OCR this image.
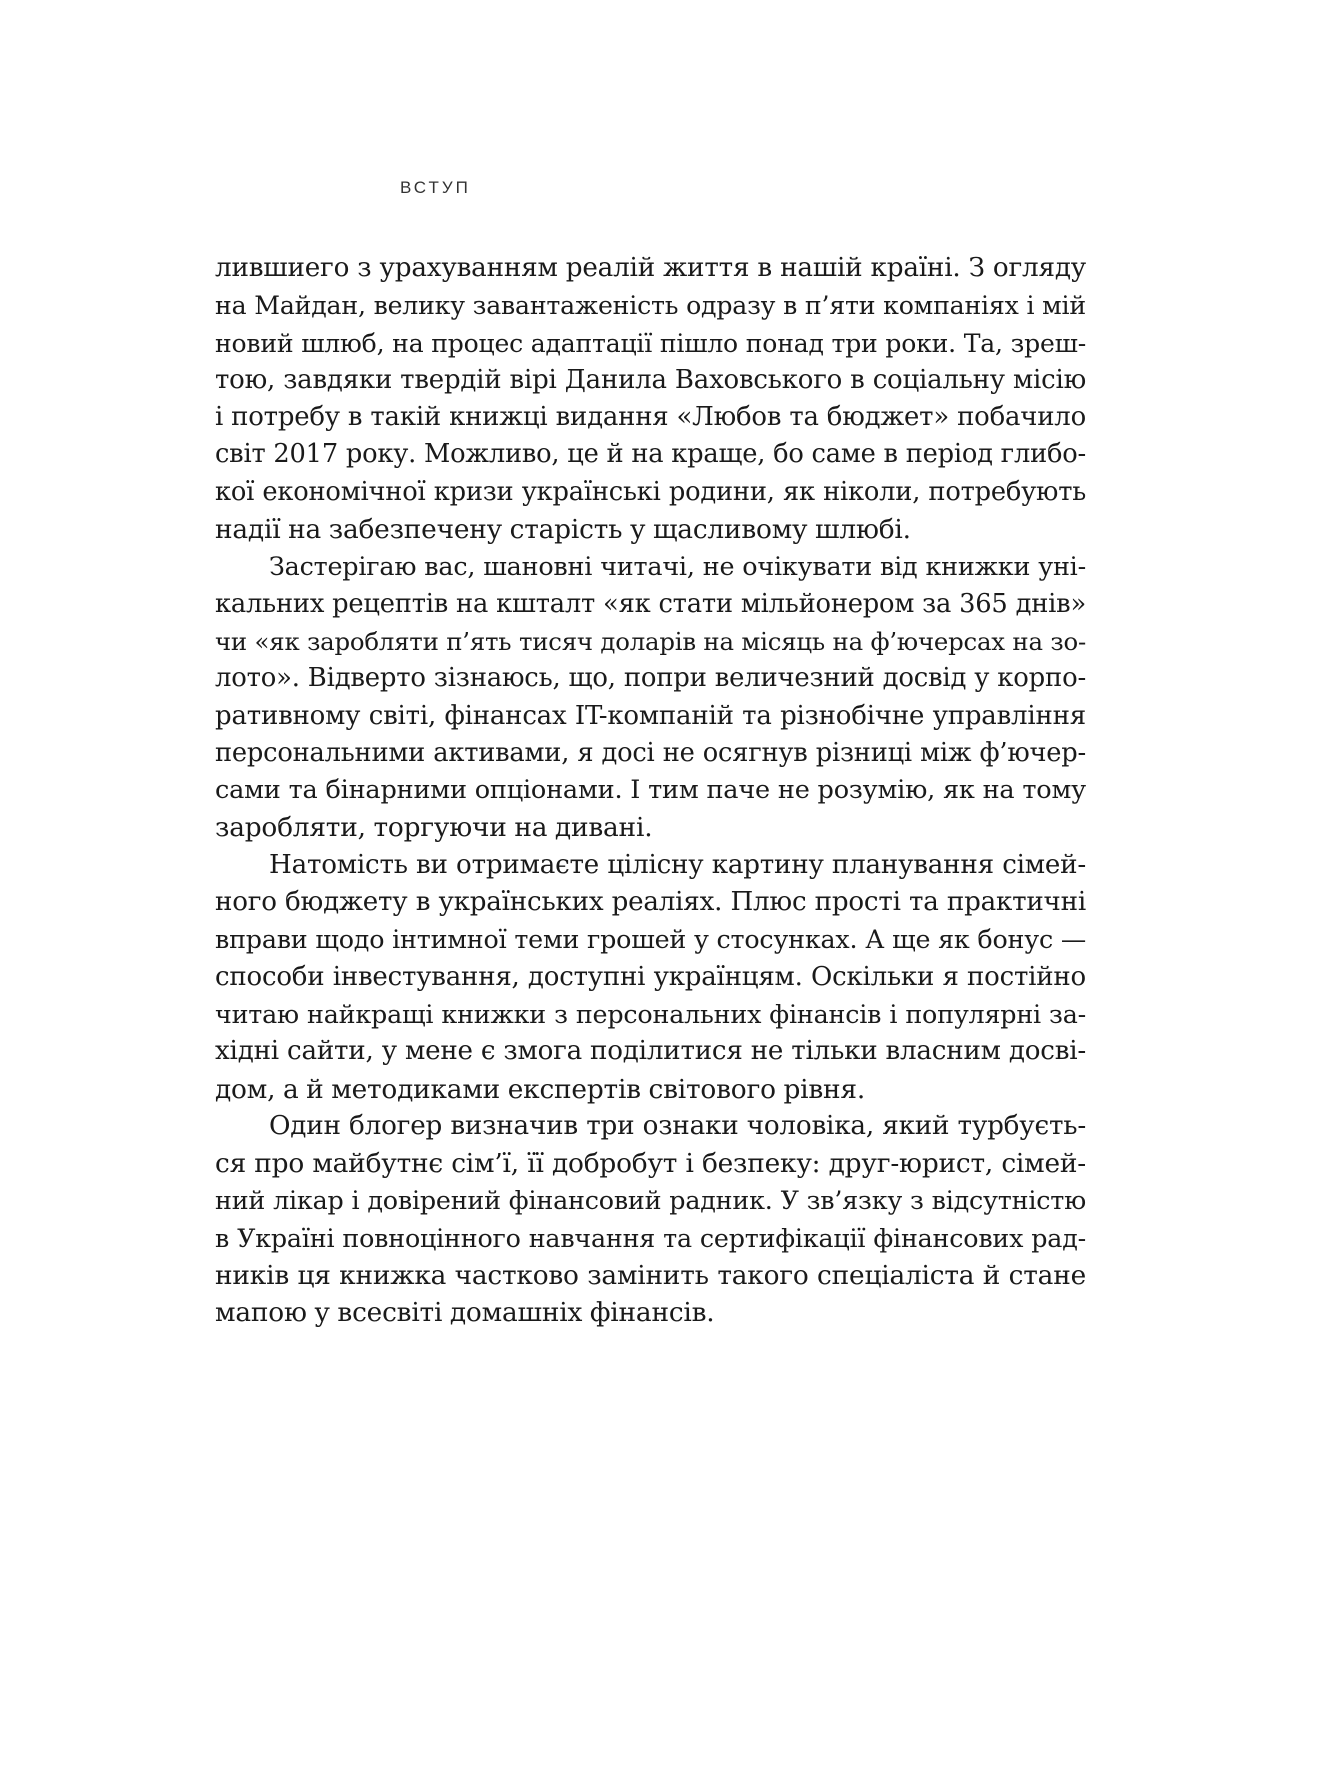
ВСТУП

лившиего з урахуванням реалій життя в нашій країні. З огляду
на Майдан, велику завантаженість одразу в п’яти компаніях і мій
новий шлюб, на процес адаптації пішло понад три роки. Та, зреш-
тою, завдяки твердій вірі Данила Ваховського в соціальну місію
і потребу в такій книжці видання «Любов та бюджет» побачило
світ 2017 року. Можливо, це й на краще, бо саме в період глибо-
кої економічної кризи українські родини, як ніколи, потребують
надії на забезпечену старість у щасливому шлюбі.

Застерігаю вас, шановні читачі, не очікувати від книжки уні-
кальних рецептів на кшталт «як стати мільйонером за 365 днів»
чи «як заробляти п’ять тисяч доларів на місяць на ф’ючерсах на зо-
лото». Відверто зізнаюсь, що, попри величезний досвід у корпо-
ративному світі, фінансах IT-компаній та різнобічне управління
персональними активами, я досі не осягнув різниці між ф’ючер-
сами та бінарними опціонами. І тим паче не розумію, як на тому
заробляти, торгуючи на дивані.

Натомість ви отримаєте цілісну картину планування сімей-
ного бюджету в українських реаліях. Плюс прості та практичні
вправи щодо інтимної теми грошей у стосунках. А ще як бонус —
способи інвестування, доступні українцям. Оскільки я постійно
читаю найкращі книжки з персональних фінансів і популярні за-
хідні сайти, у мене є змога поділитися не тільки власним досві-
дом, а й методиками експертів світового рівня.

Один блогер визначив три ознаки чоловіка, який турбуєть-
ся про майбутнє сім’ї, її добробут і безпеку: друг-юрист, сімей-
ний лікар і довірений фінансовий радник. У зв’язку з відсутністю
в Україні повноцінного навчання та сертифікації фінансових рад-
ників ця книжка частково замінить такого спеціаліста й стане
мапою у всесвіті домашніх фінансів.
